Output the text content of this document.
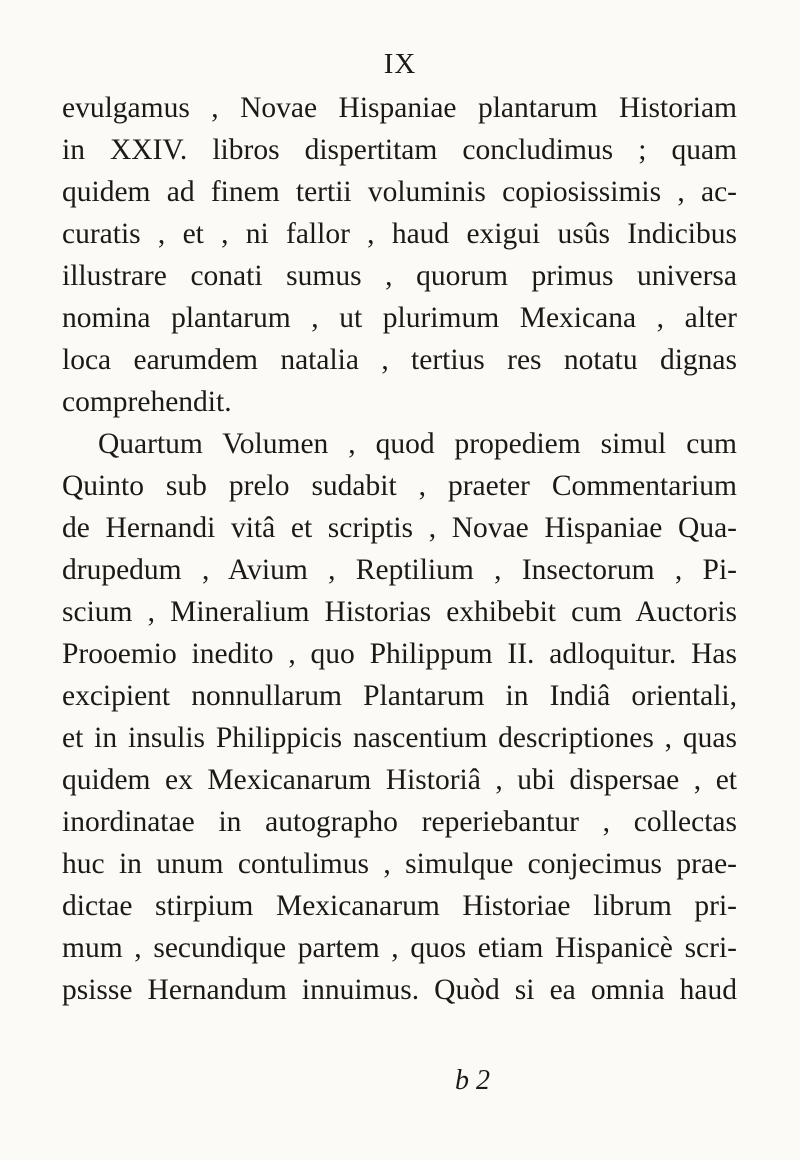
IX
evulgamus , Novae Hispaniae plantarum Historiam
in XXIV. libros dispertitam concludimus ; quam
quidem ad finem tertii voluminis copiosissimis , ac-
curatis , et , ni fallor , haud exigui usûs Indicibus
illustrare conati sumus , quorum primus universa
nomina plantarum , ut plurimum Mexicana , alter
loca earumdem natalia , tertius res notatu dignas
comprehendit.
Quartum Volumen , quod propediem simul cum
Quinto sub prelo sudabit , praeter Commentarium
de Hernandi vitâ et scriptis , Novae Hispaniae Qua-
drupedum , Avium , Reptilium , Insectorum , Pi-
scium , Mineralium Historias exhibebit cum Auctoris
Prooemio inedito , quo Philippum II. adloquitur. Has
excipient nonnullarum Plantarum in Indiâ orientali,
et in insulis Philippicis nascentium descriptiones , quas
quidem ex Mexicanarum Historiâ , ubi dispersae , et
inordinatae in autographo reperiebantur , collectas
huc in unum contulimus , simulque conjecimus prae-
dictae stirpium Mexicanarum Historiae librum pri-
mum , secundique partem , quos etiam Hispanicè scri-
psisse Hernandum innuimus. Quòd si ea omnia haud
b 2
